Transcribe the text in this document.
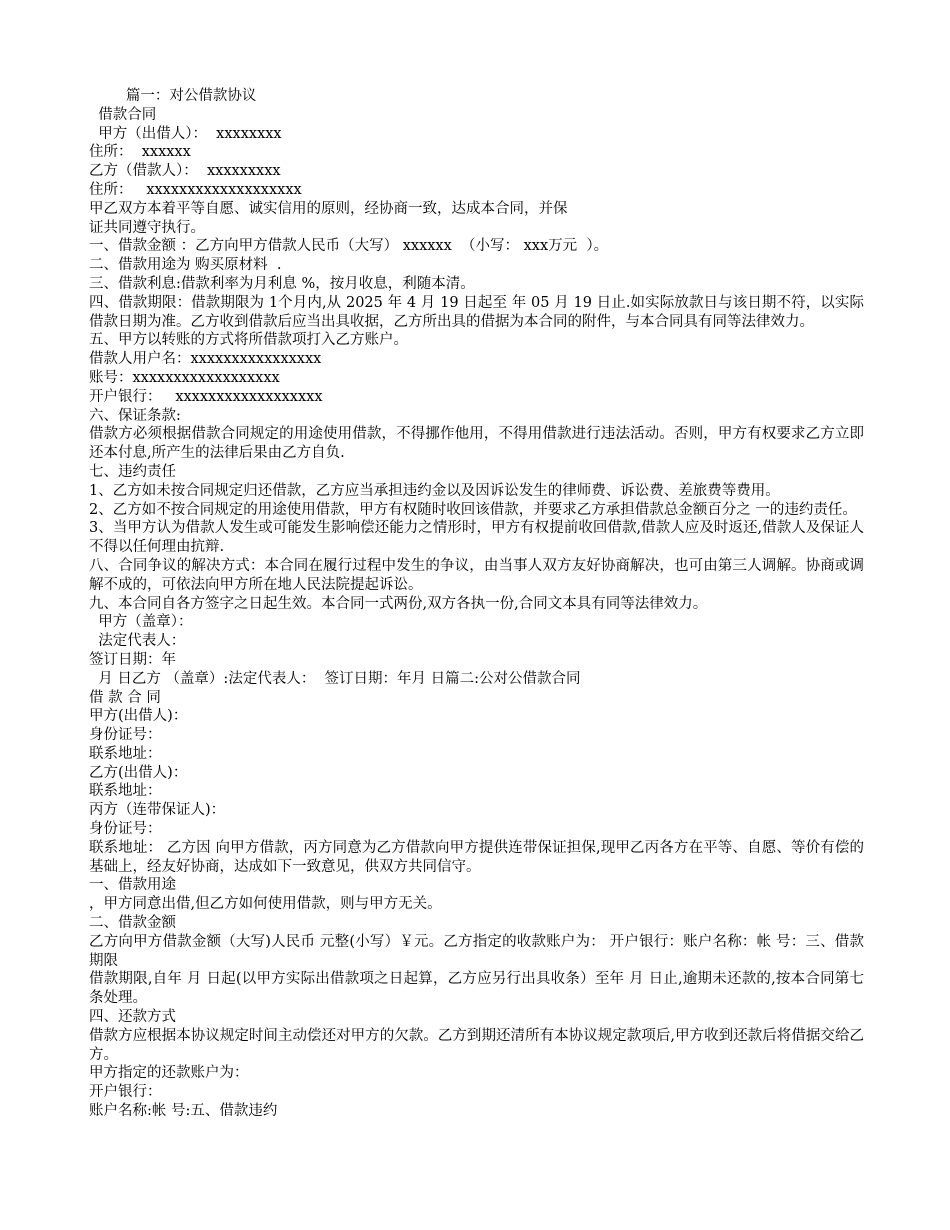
篇一：对公借款协议
借款合同
甲方（出借人）：  xxxxxxxx
住所：  xxxxxx
乙方（借款人）：  xxxxxxxxx
住所：   xxxxxxxxxxxxxxxxxxx
甲乙双方本着平等自愿、诚实信用的原则，经协商一致，达成本合同，并保
证共同遵守执行。
一、借款金额 ：乙方向甲方借款人民币（大写） xxxxxx  （小写： xxx万元  ）。
二、借款用途为 购买原材料  .
三、借款利息:借款利率为月利息 %，按月收息，利随本清。
四、借款期限：借款期限为 1个月内,从 2025 年 4 月 19 日起至 年 05 月 19 日止.如实际放款日与该日期不符，以实际借款日期为准。乙方收到借款后应当出具收据，乙方所出具的借据为本合同的附件，与本合同具有同等法律效力。
五、甲方以转账的方式将所借款项打入乙方账户。
借款人用户名：xxxxxxxxxxxxxxxx
账号：xxxxxxxxxxxxxxxxxx
开户银行：   xxxxxxxxxxxxxxxxxx
六、保证条款:
借款方必须根据借款合同规定的用途使用借款，不得挪作他用，不得用借款进行违法活动。否则，甲方有权要求乙方立即还本付息,所产生的法律后果由乙方自负.
七、违约责任
1、乙方如未按合同规定归还借款，乙方应当承担违约金以及因诉讼发生的律师费、诉讼费、差旅费等费用。
2、乙方如不按合同规定的用途使用借款，甲方有权随时收回该借款，并要求乙方承担借款总金额百分之 一的违约责任。
3、当甲方认为借款人发生或可能发生影响偿还能力之情形时，甲方有权提前收回借款,借款人应及时返还,借款人及保证人不得以任何理由抗辩.
八、合同争议的解决方式：本合同在履行过程中发生的争议，由当事人双方友好协商解决，也可由第三人调解。协商或调解不成的，可依法向甲方所在地人民法院提起诉讼。
九、本合同自各方签字之日起生效。本合同一式两份,双方各执一份,合同文本具有同等法律效力。
甲方（盖章）：
法定代表人：
签订日期：年
月 日乙方 （盖章）:法定代表人：  签订日期：年月 日篇二:公对公借款合同
借 款 合 同
甲方(出借人)：
身份证号：
联系地址：
乙方(出借人)：
联系地址：
丙方（连带保证人)：
身份证号：
联系地址： 乙方因 向甲方借款，丙方同意为乙方借款向甲方提供连带保证担保,现甲乙丙各方在平等、自愿、等价有偿的基础上，经友好协商，达成如下一致意见，供双方共同信守。
一、借款用途
，甲方同意出借,但乙方如何使用借款，则与甲方无关。
二、借款金额
乙方向甲方借款金额（大写)人民币 元整(小写）￥元。乙方指定的收款账户为： 开户银行：账户名称：帐 号：三、借款期限
借款期限,自年 月 日起(以甲方实际出借款项之日起算，乙方应另行出具收条）至年 月 日止,逾期未还款的,按本合同第七条处理。
四、还款方式
借款方应根据本协议规定时间主动偿还对甲方的欠款。乙方到期还清所有本协议规定款项后,甲方收到还款后将借据交给乙方。
甲方指定的还款账户为：
开户银行：
账户名称:帐 号:五、借款违约
